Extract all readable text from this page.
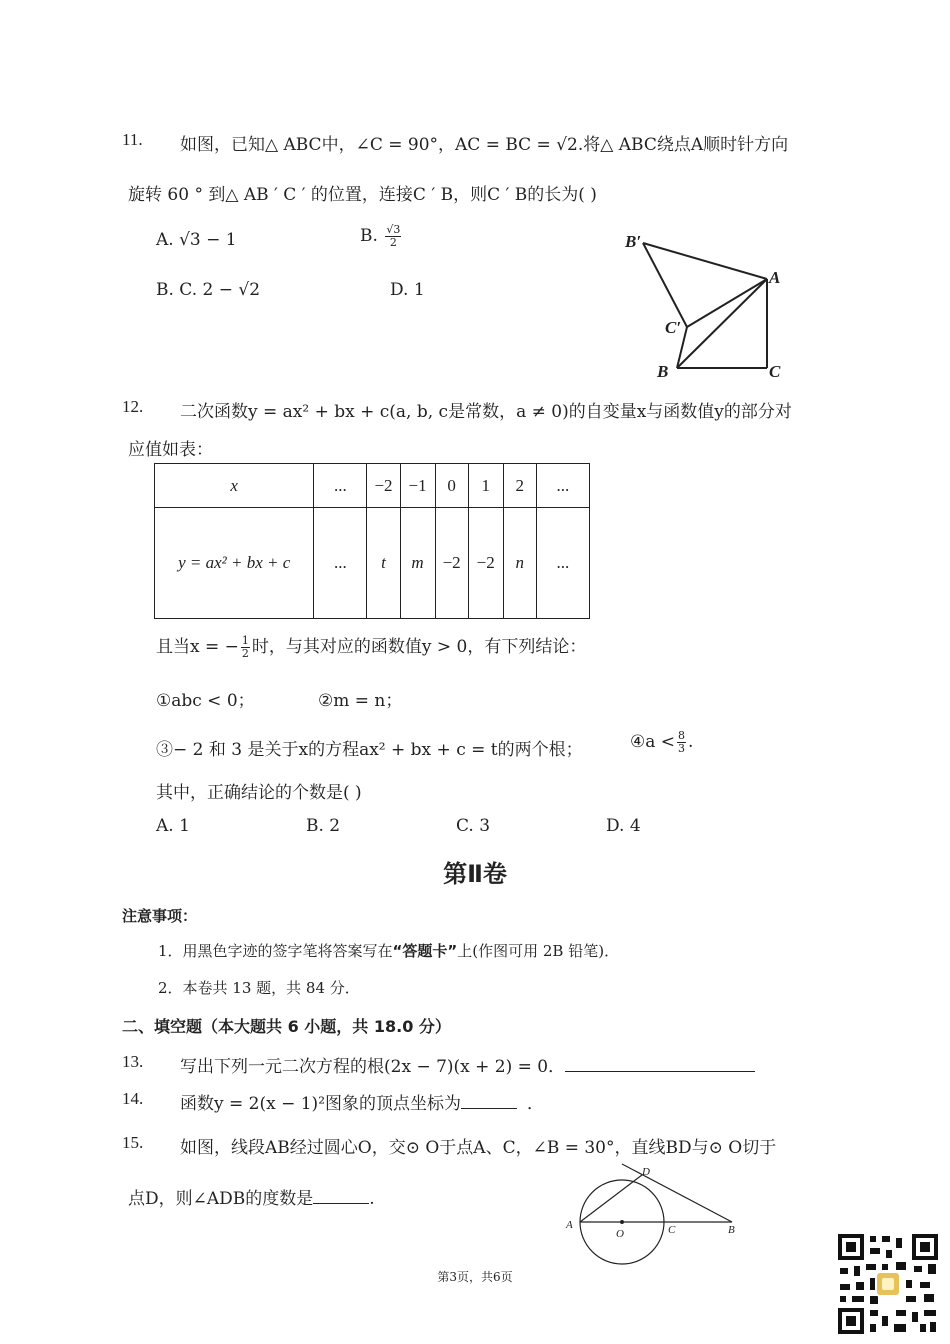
11. 如图，已知△ ABC中，∠C = 90°，AC = BC = √2.将△ ABC绕点A顺时针方向
旋转 60 ° 到△ AB ′ C ′ 的位置，连接C ′ B，则C ′ B的长为( )
A. √3 − 1	B. $\frac{√3}{2}$
B. C. 2 − √2	D. 1
B′
A
C′
B	C
12. 二次函数y = ax² + bx + c(a, b, c是常数，a ≠ 0)的自变量x与函数值y的部分对
应值如表：
x	...	−2	−1	0	1	2	...
y = ax² + bx + c	...	t	m	−2	−2	n	...
且当x = − $\frac{1}{2}$ 时，与其对应的函数值y > 0，有下列结论：
①abc < 0；	②m = n；
③− 2 和 3 是关于x的方程ax² + bx + c = t的两个根；	④a < $\frac{8}{3}$ .
其中，正确结论的个数是( )
A. 1	B. 2	C. 3	D. 4
第Ⅱ卷
注意事项：
1．用黑色字迹的签字笔将答案写在“答题卡”上(作图可用 2B 铅笔)．
2．本卷共 13 题，共 84 分．
二、填空题（本大题共 6 小题，共 18.0 分）
13. 写出下列一元二次方程的根(2x − 7)(x + 2) = 0．
14. 函数y = 2(x − 1)²图象的顶点坐标为	．
15. 如图，线段AB经过圆心O，交⊙ O于点A、C，∠B = 30°，直线BD与⊙ O切于
点D，则∠ADB的度数是	.
A
O	C	B
D
第3页，共6页
